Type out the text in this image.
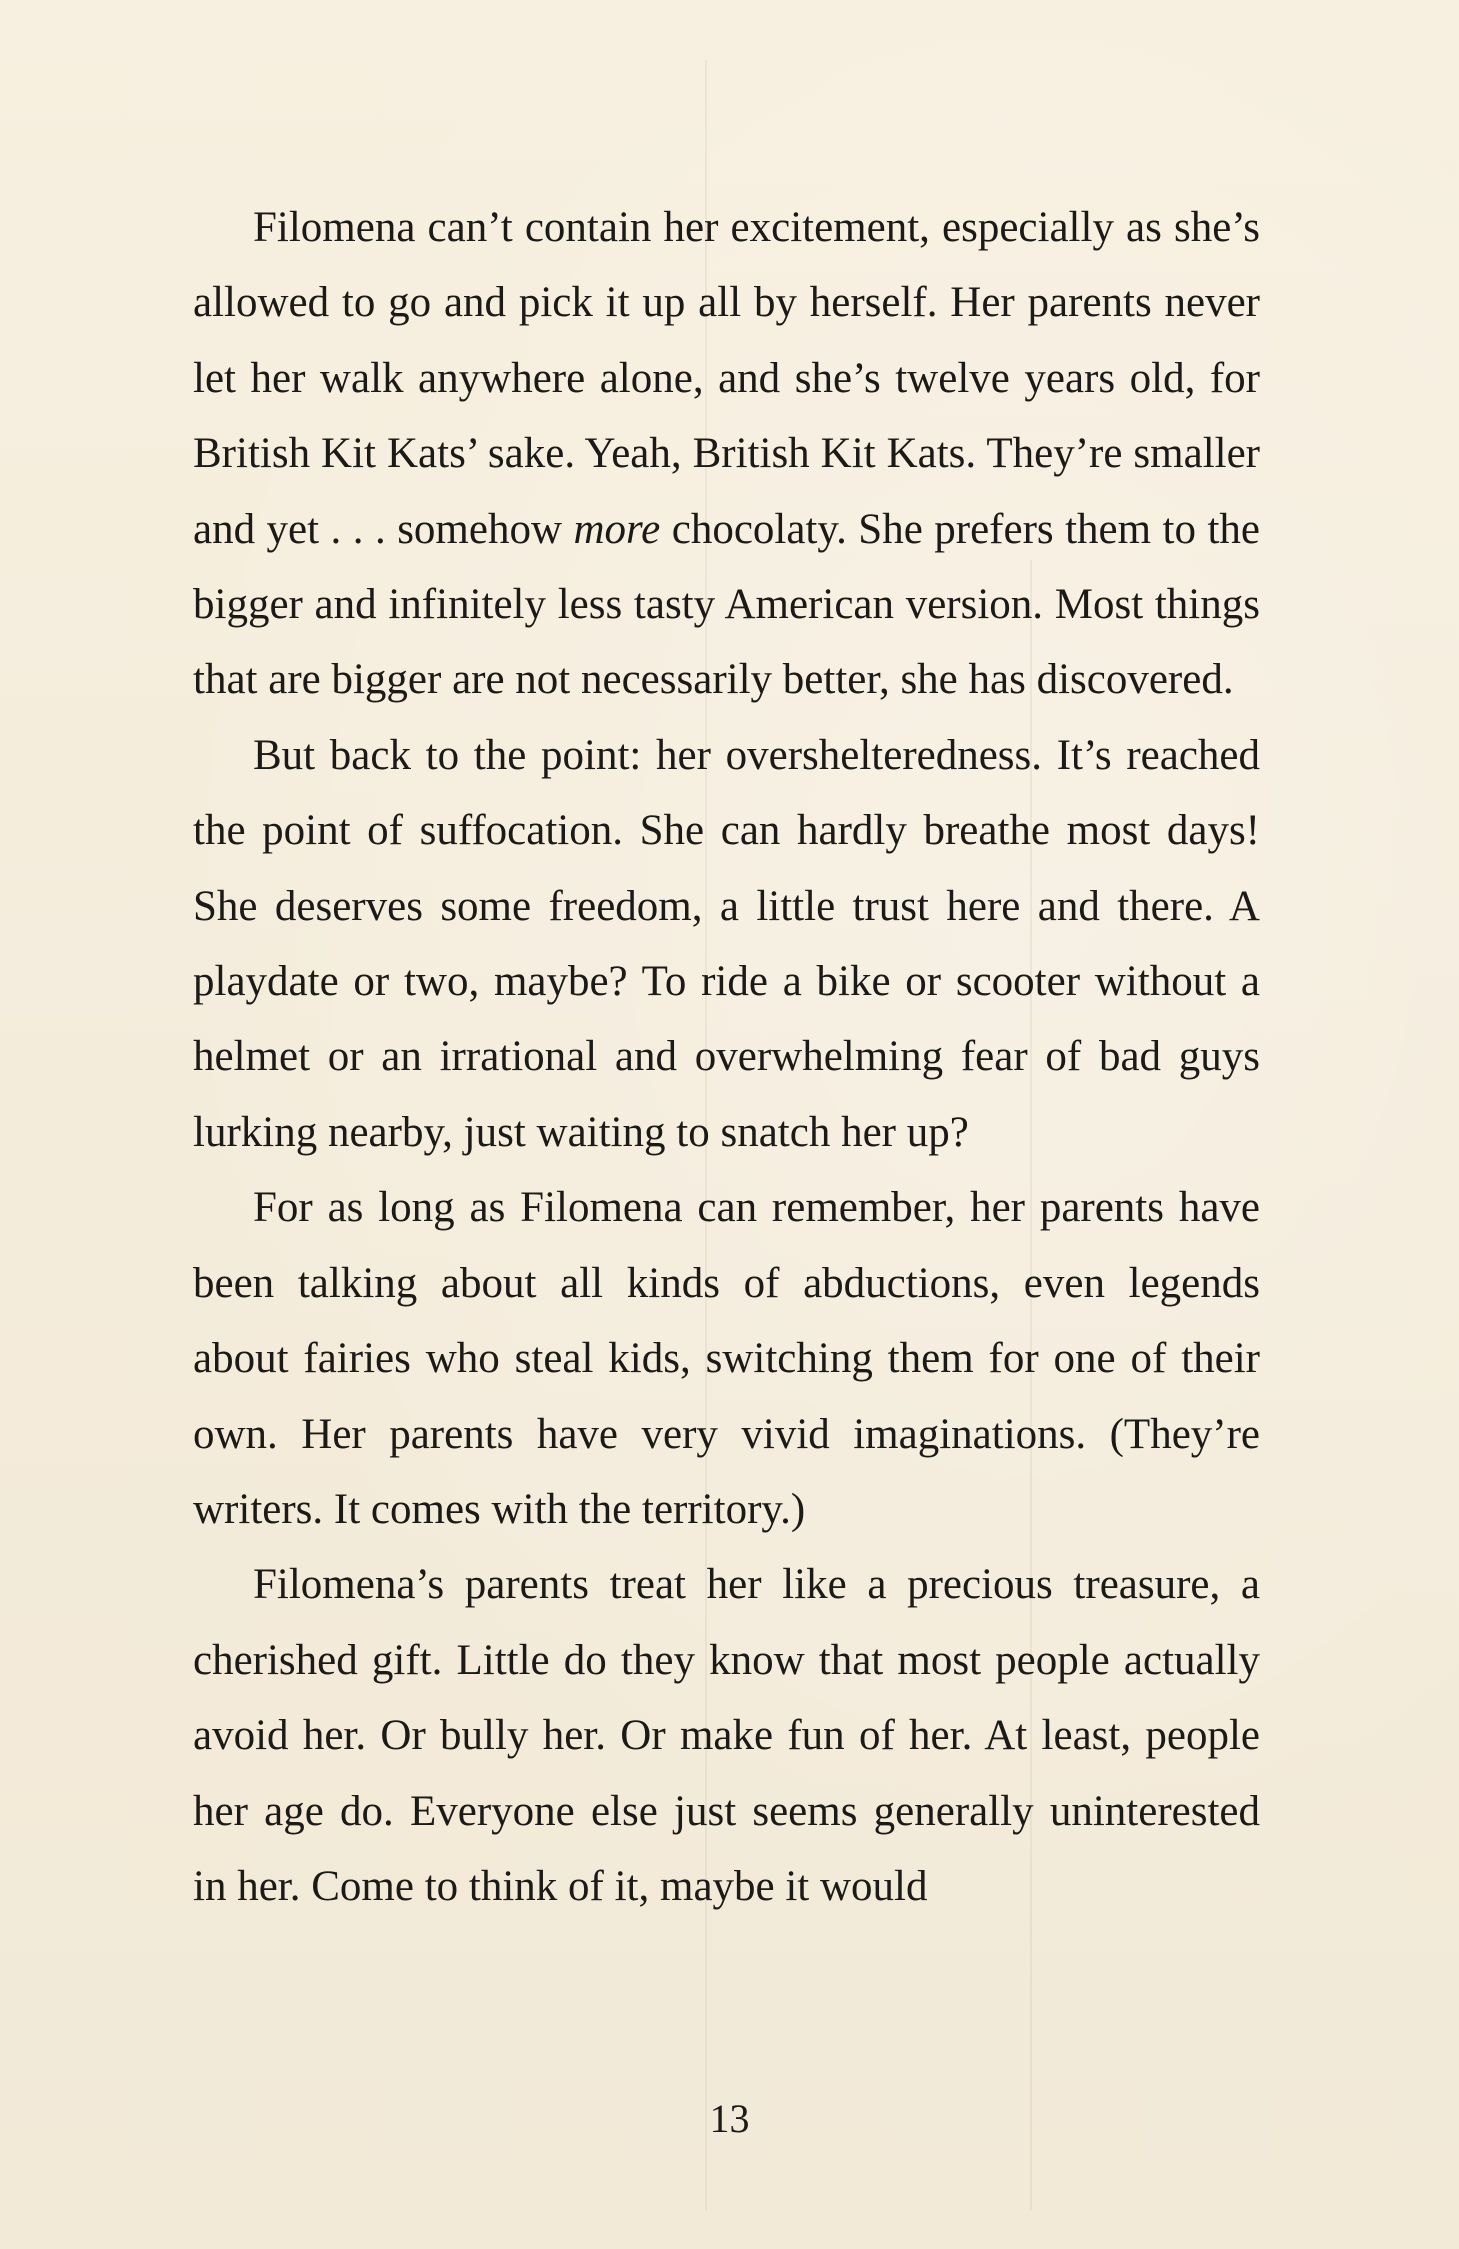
Filomena can’t contain her excitement, especially as she’s allowed to go and pick it up all by herself. Her parents never let her walk anywhere alone, and she’s twelve years old, for British Kit Kats’ sake. Yeah, British Kit Kats. They’re smaller and yet . . . somehow more chocolaty. She prefers them to the bigger and infinitely less tasty American version. Most things that are bigger are not necessarily better, she has discovered.

But back to the point: her overshelteredness. It’s reached the point of suffocation. She can hardly breathe most days! She deserves some freedom, a little trust here and there. A playdate or two, maybe? To ride a bike or scooter without a helmet or an irrational and overwhelming fear of bad guys lurking nearby, just waiting to snatch her up?

For as long as Filomena can remember, her parents have been talking about all kinds of abductions, even legends about fairies who steal kids, switching them for one of their own. Her parents have very vivid imaginations. (They’re writers. It comes with the territory.)

Filomena’s parents treat her like a precious treasure, a cherished gift. Little do they know that most people actually avoid her. Or bully her. Or make fun of her. At least, people her age do. Everyone else just seems generally uninterested in her. Come to think of it, maybe it would

13
